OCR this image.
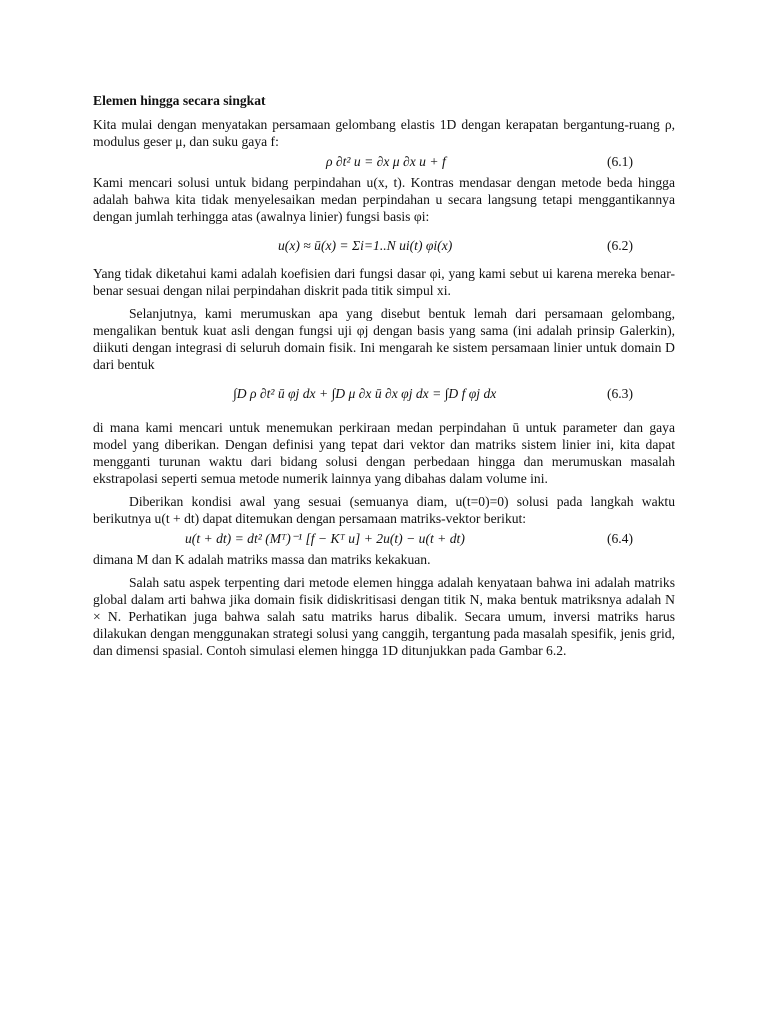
Elemen hingga secara singkat

Kita mulai dengan menyatakan persamaan gelombang elastis 1D dengan kerapatan bergantung-ruang ρ, modulus geser μ, dan suku gaya f:

ρ ∂t² u = ∂x μ ∂x u + f	(6.1)

Kami mencari solusi untuk bidang perpindahan u(x, t). Kontras mendasar dengan metode beda hingga adalah bahwa kita tidak menyelesaikan medan perpindahan u secara langsung tetapi menggantikannya dengan jumlah terhingga atas (awalnya linier) fungsi basis φi:

u(x) ≈ ū(x) = Σi=1..N ui(t) φi(x)	(6.2)

Yang tidak diketahui kami adalah koefisien dari fungsi dasar φi, yang kami sebut ui karena mereka benar-benar sesuai dengan nilai perpindahan diskrit pada titik simpul xi.

Selanjutnya, kami merumuskan apa yang disebut bentuk lemah dari persamaan gelombang, mengalikan bentuk kuat asli dengan fungsi uji φj dengan basis yang sama (ini adalah prinsip Galerkin), diikuti dengan integrasi di seluruh domain fisik. Ini mengarah ke sistem persamaan linier untuk domain D dari bentuk

∫D ρ ∂t² ū φj dx + ∫D μ ∂x ū ∂x φj dx = ∫D f φj dx	(6.3)

di mana kami mencari untuk menemukan perkiraan medan perpindahan ū untuk parameter dan gaya model yang diberikan. Dengan definisi yang tepat dari vektor dan matriks sistem linier ini, kita dapat mengganti turunan waktu dari bidang solusi dengan perbedaan hingga dan merumuskan masalah ekstrapolasi seperti semua metode numerik lainnya yang dibahas dalam volume ini.

Diberikan kondisi awal yang sesuai (semuanya diam, u(t=0)=0) solusi pada langkah waktu berikutnya u(t + dt) dapat ditemukan dengan persamaan matriks-vektor berikut:

u(t + dt) = dt² (Mᵀ)⁻¹ [f − Kᵀ u] + 2u(t) − u(t + dt)	(6.4)

dimana M dan K adalah matriks massa dan matriks kekakuan.

Salah satu aspek terpenting dari metode elemen hingga adalah kenyataan bahwa ini adalah matriks global dalam arti bahwa jika domain fisik didiskritisasi dengan titik N, maka bentuk matriksnya adalah N × N. Perhatikan juga bahwa salah satu matriks harus dibalik. Secara umum, inversi matriks harus dilakukan dengan menggunakan strategi solusi yang canggih, tergantung pada masalah spesifik, jenis grid, dan dimensi spasial. Contoh simulasi elemen hingga 1D ditunjukkan pada Gambar 6.2.
